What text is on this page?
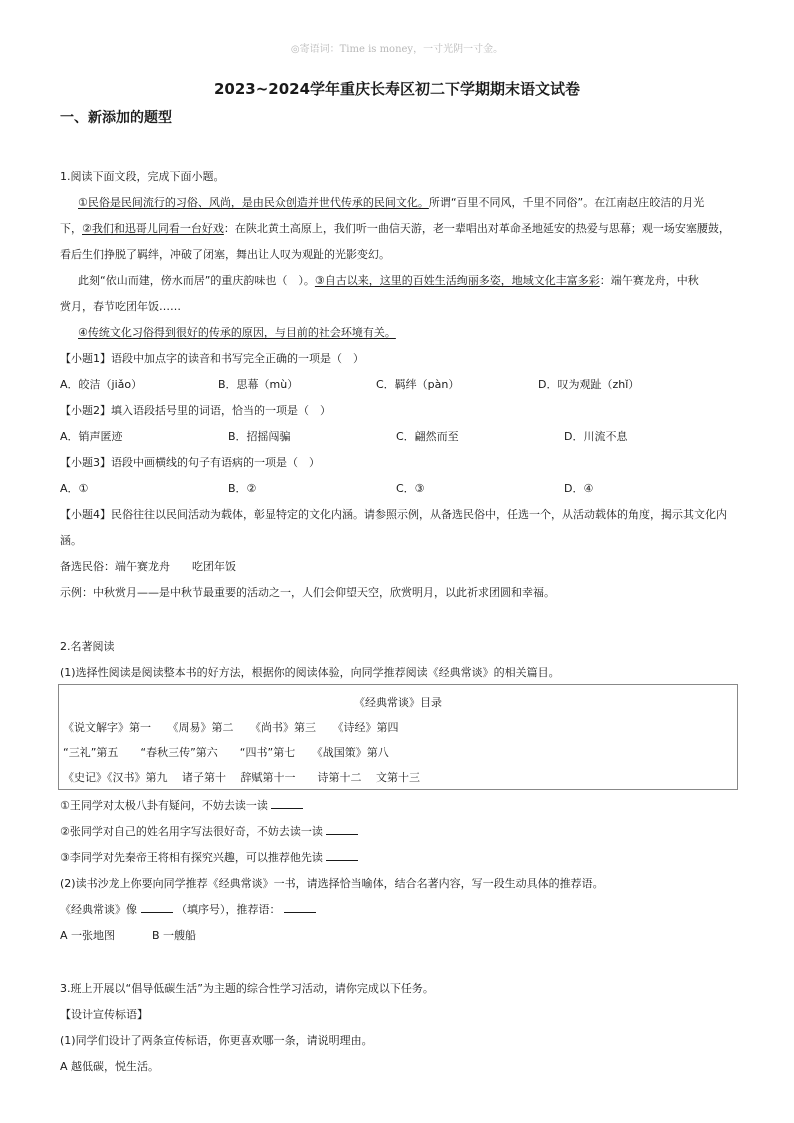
◎寄语词：Time is money，一寸光阴一寸金。
2023~2024学年重庆长寿区初二下学期期末语文试卷
一、新添加的题型
1.阅读下面文段，完成下面小题。
①民俗是民间流行的习俗、风尚，是由民众创造并世代传承的民间文化。所谓“百里不同风，千里不同俗”。在江南赵庄皎洁的月光
下，②我们和迅哥儿同看一台好戏：在陕北黄土高原上，我们听一曲信天游，老一辈唱出对革命圣地延安的热爱与思幕；观一场安塞腰鼓，
看后生们挣脱了羁绊，冲破了闭塞，舞出让人叹为观趾的光影变幻。
此刻“依山而建，傍水而居”的重庆韵味也（　）。③自古以来，这里的百姓生活绚丽多姿，地域文化丰富多彩：端午赛龙舟，中秋
赏月，春节吃团年饭……
④传统文化习俗得到很好的传承的原因，与目前的社会环境有关。
【小题1】语段中加点字的读音和书写完全正确的一项是（　）
A．皎洁（jiǎo）	B．思幕（mù）	C．羁绊（pàn）	D．叹为观趾（zhǐ）
【小题2】填入语段括号里的词语，恰当的一项是（　）
A．销声匿迹	B．招摇闯骗	C．翩然而至	D．川流不息
【小题3】语段中画横线的句子有语病的一项是（　）
A．①	B．②	C．③	D．④
【小题4】民俗往往以民间活动为载体，彰显特定的文化内涵。请参照示例，从备选民俗中，任选一个，从活动载体的角度，揭示其文化内
涵。
备选民俗：端午赛龙舟　　吃团年饭
示例：中秋赏月——是中秋节最重要的活动之一，人们会仰望天空，欣赏明月，以此祈求团圆和幸福。
2.名著阅读
(1)选择性阅读是阅读整本书的好方法，根据你的阅读体验，向同学推荐阅读《经典常谈》的相关篇目。
《经典常谈》目录
《说文解字》第一　　《周易》第二　　《尚书》第三　　《诗经》第四
“三礼”第五　　“春秋三传”第六　　“四书”第七　　《战国策》第八
《史记》《汉书》第九　 诸子第十　 辞赋第十一　　诗第十二　 文第十三
①王同学对太极八卦有疑问，不妨去读一读
②张同学对自己的姓名用字写法很好奇，不妨去读一读
③李同学对先秦帝王将相有探究兴趣，可以推荐他先读
(2)读书沙龙上你要向同学推荐《经典常谈》一书，请选择恰当喻体，结合名著内容，写一段生动具体的推荐语。
《经典常谈》像	（填序号），推荐语：
A 一张地图	B 一艘船
3.班上开展以“倡导低碳生活”为主题的综合性学习活动，请你完成以下任务。
【设计宣传标语】
(1)同学们设计了两条宣传标语，你更喜欢哪一条，请说明理由。
A 越低碳，悦生活。
